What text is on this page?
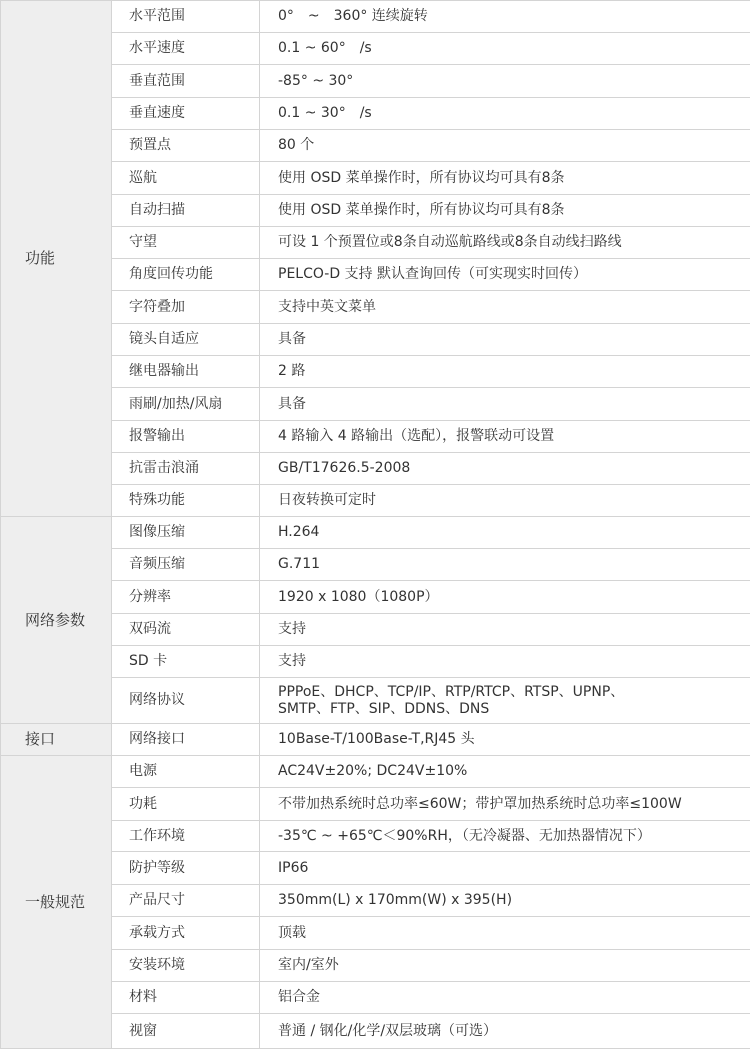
功能	水平范围	0°　~　360° 连续旋转
	水平速度	0.1 ~ 60°　/s
	垂直范围	-85° ~ 30°
	垂直速度	0.1 ~ 30°　/s
	预置点	80 个
	巡航	使用 OSD 菜单操作时，所有协议均可具有8条
	自动扫描	使用 OSD 菜单操作时，所有协议均可具有8条
	守望	可设 1 个预置位或8条自动巡航路线或8条自动线扫路线
	角度回传功能	PELCO-D 支持 默认查询回传（可实现实时回传）
	字符叠加	支持中英文菜单
	镜头自适应	具备
	继电器输出	2 路
	雨刷/加热/风扇	具备
	报警输出	4 路输入 4 路输出（选配），报警联动可设置
	抗雷击浪涌	GB/T17626.5-2008
	特殊功能	日夜转换可定时
网络参数	图像压缩	H.264
	音频压缩	G.711
	分辨率	1920 x 1080（1080P）
	双码流	支持
	SD 卡	支持
	网络协议	PPPoE、DHCP、TCP/IP、RTP/RTCP、RTSP、UPNP、
SMTP、FTP、SIP、DDNS、DNS
接口	网络接口	10Base-T/100Base-T,RJ45 头
一般规范	电源	AC24V±20%; DC24V±10%
	功耗	不带加热系统时总功率≤60W；带护罩加热系统时总功率≤100W
	工作环境	-35℃ ~ +65℃＜90%RH，（无冷凝器、无加热器情况下）
	防护等级	IP66
	产品尺寸	350mm(L) x 170mm(W) x 395(H)
	承载方式	顶载
	安装环境	室内/室外
	材料	铝合金
	视窗	普通 / 钢化/化学/双层玻璃（可选）
